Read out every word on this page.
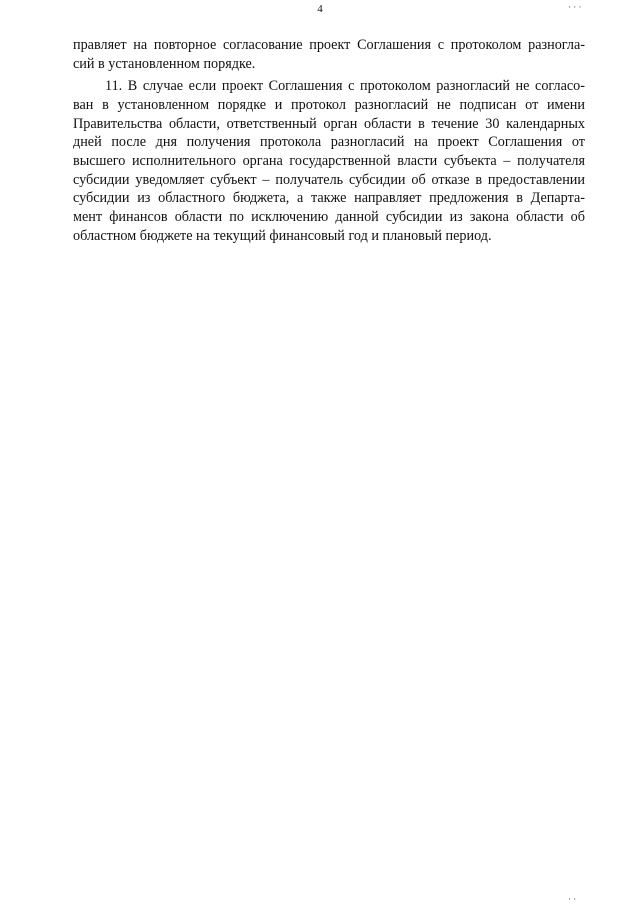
4
правляет на повторное согласование проект Соглашения с протоколом разногла-
сий в установленном порядке.
11. В случае если проект Соглашения с протоколом разногласий не согласо-
ван в установленном порядке и протокол разногласий не подписан от имени
Правительства области, ответственный орган области в течение 30 календарных
дней после дня получения протокола разногласий на проект Соглашения от
высшего исполнительного органа государственной власти субъекта – получателя
субсидии уведомляет субъект – получатель субсидии об отказе в предоставлении
субсидии из областного бюджета, а также направляет предложения в Департа-
мент финансов области по исключению данной субсидии из закона области об
областном бюджете на текущий финансовый год и плановый период.
· · ·
· ·
